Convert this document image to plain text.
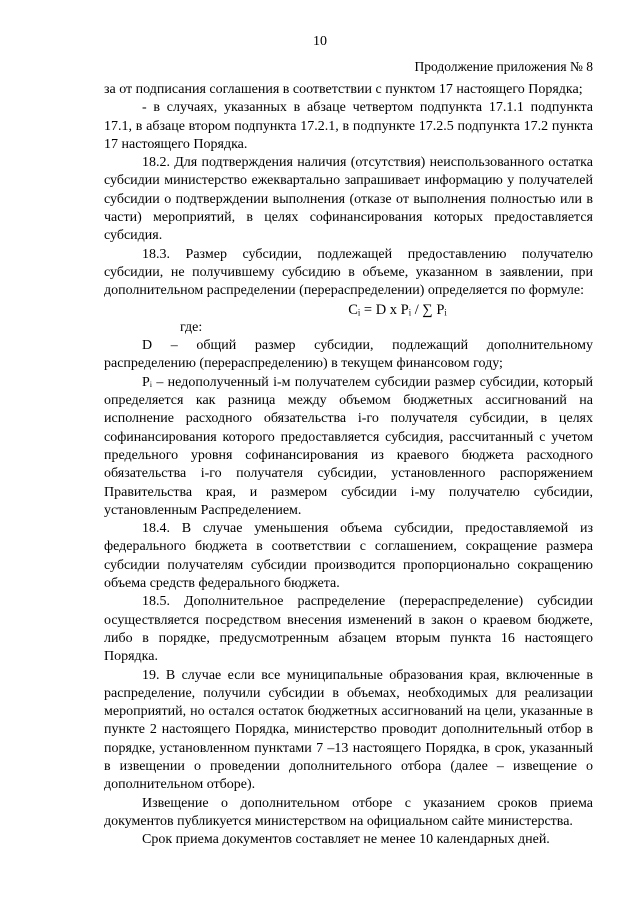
10
Продолжение приложения № 8

за от подписания соглашения в соответствии с пунктом 17 настоящего Порядка;

- в случаях, указанных в абзаце четвертом подпункта 17.1.1 подпункта 17.1, в абзаце втором подпункта 17.2.1, в подпункте 17.2.5 подпункта 17.2 пункта 17 настоящего Порядка.

18.2. Для подтверждения наличия (отсутствия) неиспользованного остатка субсидии министерство ежеквартально запрашивает информацию у получателей субсидии о подтверждении выполнения (отказе от выполнения полностью или в части) мероприятий, в целях софинансирования которых предоставляется субсидия.

18.3. Размер субсидии, подлежащей предоставлению получателю субсидии, не получившему субсидию в объеме, указанном в заявлении, при дополнительном распределении (перераспределении) определяется по формуле:

Cᵢ = D x Pᵢ / ∑ Pᵢ

где:

D – общий размер субсидии, подлежащий дополнительному распределению (перераспределению) в текущем финансовом году;

Pᵢ – недополученный i-м получателем субсидии размер субсидии, который определяется как разница между объемом бюджетных ассигнований на исполнение расходного обязательства i-го получателя субсидии, в целях софинансирования которого предоставляется субсидия, рассчитанный с учетом предельного уровня софинансирования из краевого бюджета расходного обязательства i-го получателя субсидии, установленного распоряжением Правительства края, и размером субсидии i-му получателю субсидии, установленным Распределением.

18.4. В случае уменьшения объема субсидии, предоставляемой из федерального бюджета в соответствии с соглашением, сокращение размера субсидии получателям субсидии производится пропорционально сокращению объема средств федерального бюджета.

18.5. Дополнительное распределение (перераспределение) субсидии осуществляется посредством внесения изменений в закон о краевом бюджете, либо в порядке, предусмотренным абзацем вторым пункта 16 настоящего Порядка.

19. В случае если все муниципальные образования края, включенные в распределение, получили субсидии в объемах, необходимых для реализации мероприятий, но остался остаток бюджетных ассигнований на цели, указанные в пункте 2 настоящего Порядка, министерство проводит дополнительный отбор в порядке, установленном пунктами 7 –13 настоящего Порядка, в срок, указанный в извещении о проведении дополнительного отбора (далее – извещение о дополнительном отборе).

Извещение о дополнительном отборе с указанием сроков приема документов публикуется министерством на официальном сайте министерства.

Срок приема документов составляет не менее 10 календарных дней.
